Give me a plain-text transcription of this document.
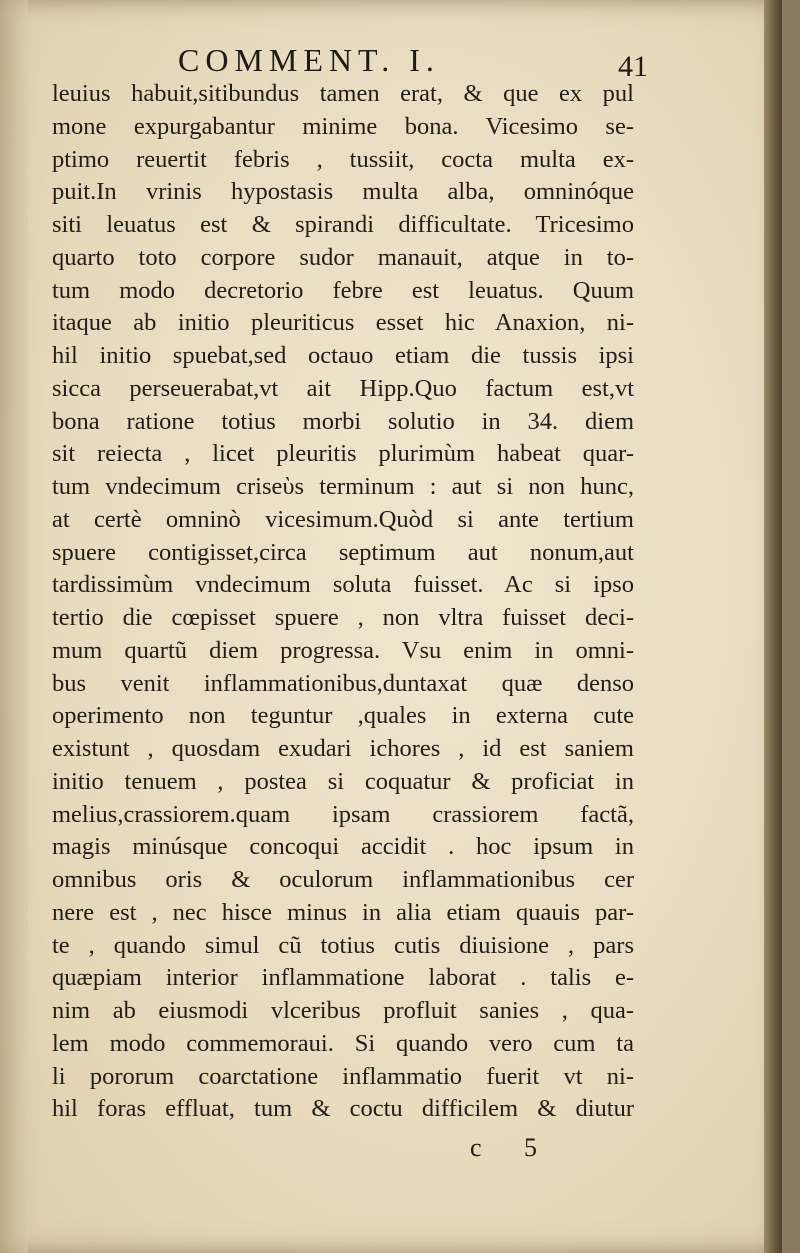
COMMENT. I.	41
leuius habuit,sitibundus tamen erat, & que ex pul
mone expurgabantur minime bona. Vicesimo se-
ptimo reuertit febris , tussiit, cocta multa ex-
puit.In vrinis hypostasis multa alba, omninóque
siti leuatus est & spirandi difficultate. Tricesimo
quarto toto corpore sudor manauit, atque in to-
tum modo decretorio febre est leuatus. Quum
itaque ab initio pleuriticus esset hic Anaxion, ni-
hil initio spuebat,sed octauo etiam die tussis ipsi
sicca perseuerabat,vt ait Hipp.Quo factum est,vt
bona ratione totius morbi solutio in 34. diem
sit reiecta , licet pleuritis plurimùm habeat quar-
tum vndecimum criseὺs terminum : aut si non hunc,
at certè omninò vicesimum.Quòd si ante tertium
spuere contigisset,circa septimum aut nonum,aut
tardissimùm vndecimum soluta fuisset. Ac si ipso
tertio die cœpisset spuere , non vltra fuisset deci-
mum quartũ diem progressa. Vsu enim in omni-
bus venit inflammationibus,duntaxat quæ denso
operimento non teguntur ,quales in externa cute
existunt , quosdam exudari ichores , id est saniem
initio tenuem , postea si coquatur & proficiat in
melius,crassiorem.quam ipsam crassiorem factã,
magis minúsque concoqui accidit . hoc ipsum in
omnibus oris & oculorum inflammationibus cer
nere est , nec hisce minus in alia etiam quauis par-
te , quando simul cũ totius cutis diuisione , pars
quæpiam interior inflammatione laborat . talis e-
nim ab eiusmodi vlceribus profluit sanies , qua-
lem modo commemoraui. Si quando vero cum ta
li pororum coarctatione inflammatio fuerit vt ni-
hil foras effluat, tum & coctu difficilem & diutur
c 5
